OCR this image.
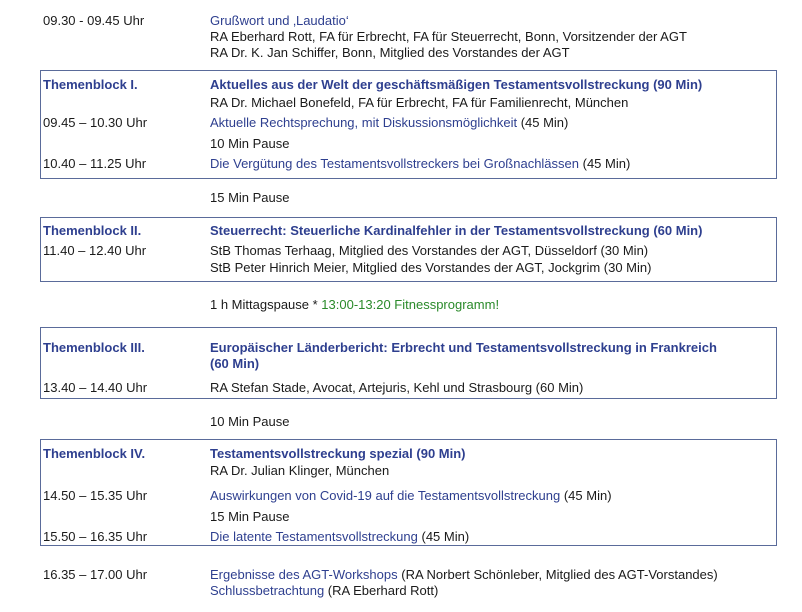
09.30 - 09.45 Uhr	Grußwort und ‚Laudatio‘
RA Eberhard Rott, FA für Erbrecht, FA für Steuerrecht, Bonn, Vorsitzender der AGT
RA Dr. K. Jan Schiffer, Bonn, Mitglied des Vorstandes der AGT
Themenblock I.	Aktuelles aus der Welt der geschäftsmäßigen Testamentsvollstreckung (90 Min)
RA Dr. Michael Bonefeld, FA für Erbrecht, FA für Familienrecht, München
09.45 – 10.30 Uhr	Aktuelle Rechtsprechung, mit Diskussionsmöglichkeit (45 Min)
10 Min Pause
10.40 – 11.25 Uhr	Die Vergütung des Testamentsvollstreckers bei Großnachlässen (45 Min)
15 Min Pause
Themenblock II.	Steuerrecht: Steuerliche Kardinalfehler in der Testamentsvollstreckung (60 Min)
11.40 – 12.40 Uhr	StB Thomas Terhaag, Mitglied des Vorstandes der AGT, Düsseldorf (30 Min)
StB Peter Hinrich Meier, Mitglied des Vorstandes der AGT, Jockgrim (30 Min)
1 h Mittagspause * 13:00-13:20 Fitnessprogramm!
Themenblock III.	Europäischer Länderbericht: Erbrecht und Testamentsvollstreckung in Frankreich
(60 Min)
13.40 – 14.40 Uhr	RA Stefan Stade, Avocat, Artejuris, Kehl und Strasbourg (60 Min)
10 Min Pause
Themenblock IV.	Testamentsvollstreckung spezial (90 Min)
RA Dr. Julian Klinger, München
14.50 – 15.35 Uhr	Auswirkungen von Covid-19 auf die Testamentsvollstreckung (45 Min)
15 Min Pause
15.50 – 16.35 Uhr	Die latente Testamentsvollstreckung (45 Min)
16.35 – 17.00 Uhr	Ergebnisse des AGT-Workshops (RA Norbert Schönleber, Mitglied des AGT-Vorstandes)
Schlussbetrachtung (RA Eberhard Rott)
